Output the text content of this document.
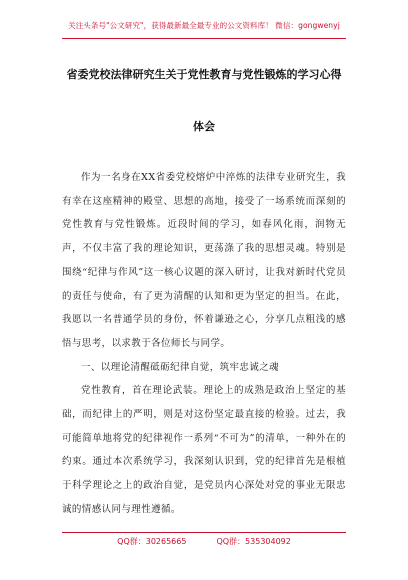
关注头条号"公文研究"，获得最新最全最专业的公文资料库！ 微信：gongwenyj
省委党校法律研究生关于党性教育与党性锻炼的学习心得
体会

作为一名身在XX省委党校熔炉中淬炼的法律专业研究生，我有幸在这座精神的殿堂、思想的高地，接受了一场系统而深刻的党性教育与党性锻炼。近段时间的学习，如春风化雨，润物无声，不仅丰富了我的理论知识，更荡涤了我的思想灵魂。特别是围绕“纪律与作风”这一核心议题的深入研讨，让我对新时代党员的责任与使命，有了更为清醒的认知和更为坚定的担当。在此，我愿以一名普通学员的身份，怀着谦逊之心，分享几点粗浅的感悟与思考，以求教于各位师长与同学。

一、以理论清醒砥砺纪律自觉，筑牢忠诚之魂

党性教育，首在理论武装。理论上的成熟是政治上坚定的基础，而纪律上的严明，则是对这份坚定最直接的检验。过去，我可能简单地将党的纪律视作一系列“不可为”的清单，一种外在的约束。通过本次系统学习，我深刻认识到，党的纪律首先是根植于科学理论之上的政治自觉，是党员内心深处对党的事业无限忠诚的情感认同与理性遵循。

QQ群：30265665	QQ群：535304092
